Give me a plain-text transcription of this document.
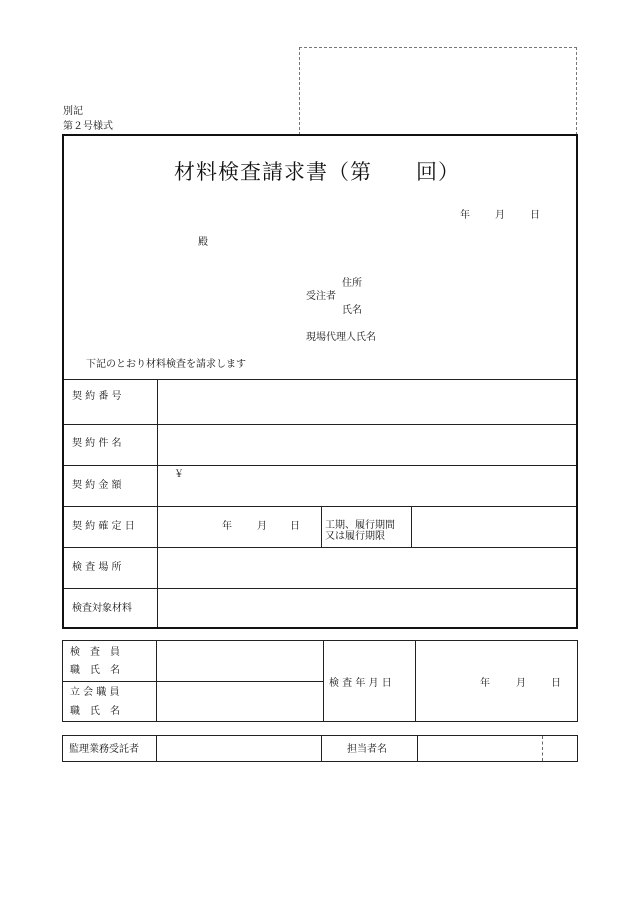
別記
第２号様式
材料検査請求書（第　　回）
年	月	日
殿
住所
受注者
氏名
現場代理人氏名
下記のとおり材料検査を請求します
契 約 番 号
契 約 件 名
契 約 金 額
￥
契 約 確 定 日	年	月 日	工期、履行期間
又は履行期限
検 査 場 所
検査対象材料
検　査　員
職　氏　名
立 会 職 員
職　氏　名
検 査 年 月 日	年	月	日
監理業務受託者	担当者名
